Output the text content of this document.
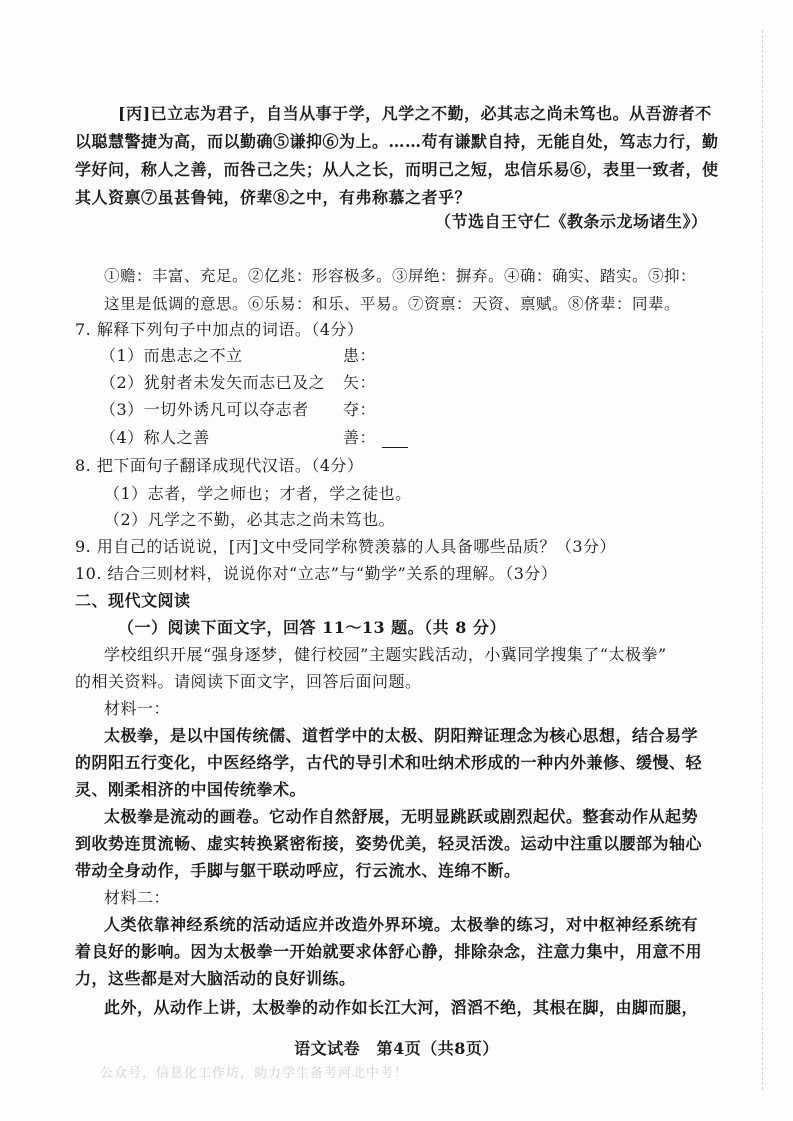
[丙]已立志为君子，自当从事于学，凡学之不勤，必其志之尚未笃也。从吾游者不
以聪慧警捷为高，而以勤确⑤谦抑⑥为上。……苟有谦默自持，无能自处，笃志力行，勤
学好问，称人之善，而咎己之失；从人之长，而明己之短，忠信乐易⑥，表里一致者，使
其人资禀⑦虽甚鲁钝，侪辈⑧之中，有弗称慕之者乎？
（节选自王守仁《教条示龙场诸生》）
①赡：丰富、充足。②亿兆：形容极多。③屏绝：摒弃。④确：确实、踏实。⑤抑：
这里是低调的意思。⑥乐易：和乐、平易。⑦资禀：天资、禀赋。⑧侪辈：同辈。
7. 解释下列句子中加点的词语。（4分）
（1）而患志之不立	患：
（2）犹射者未发矢而志已及之 矢：
（3）一切外诱凡可以夺志者 夺：
（4）称人之善	善：
8. 把下面句子翻译成现代汉语。（4分）
（1）志者，学之师也；才者，学之徒也。
（2）凡学之不勤，必其志之尚未笃也。
9. 用自己的话说说，[丙]文中受同学称赞羡慕的人具备哪些品质？（3分）
10. 结合三则材料，说说你对“立志”与“勤学”关系的理解。（3分）
二、现代文阅读
（一）阅读下面文字，回答 11～13 题。（共 8 分）
学校组织开展“强身逐梦，健行校园”主题实践活动，小冀同学搜集了“太极拳”
的相关资料。请阅读下面文字，回答后面问题。
材料一：
太极拳，是以中国传统儒、道哲学中的太极、阴阳辩证理念为核心思想，结合易学
的阴阳五行变化，中医经络学，古代的导引术和吐纳术形成的一种内外兼修、缓慢、轻
灵、刚柔相济的中国传统拳术。
太极拳是流动的画卷。它动作自然舒展，无明显跳跃或剧烈起伏。整套动作从起势
到收势连贯流畅、虚实转换紧密衔接，姿势优美，轻灵活泼。运动中注重以腰部为轴心
带动全身动作，手脚与躯干联动呼应，行云流水、连绵不断。
材料二：
人类依靠神经系统的活动适应并改造外界环境。太极拳的练习，对中枢神经系统有
着良好的影响。因为太极拳一开始就要求体舒心静，排除杂念，注意力集中，用意不用
力，这些都是对大脑活动的良好训练。
此外，从动作上讲，太极拳的动作如长江大河，滔滔不绝，其根在脚，由脚而腿，
语文试卷　第4页（共8页）
公众号，信息化工作坊，助力学生备考河北中考！
